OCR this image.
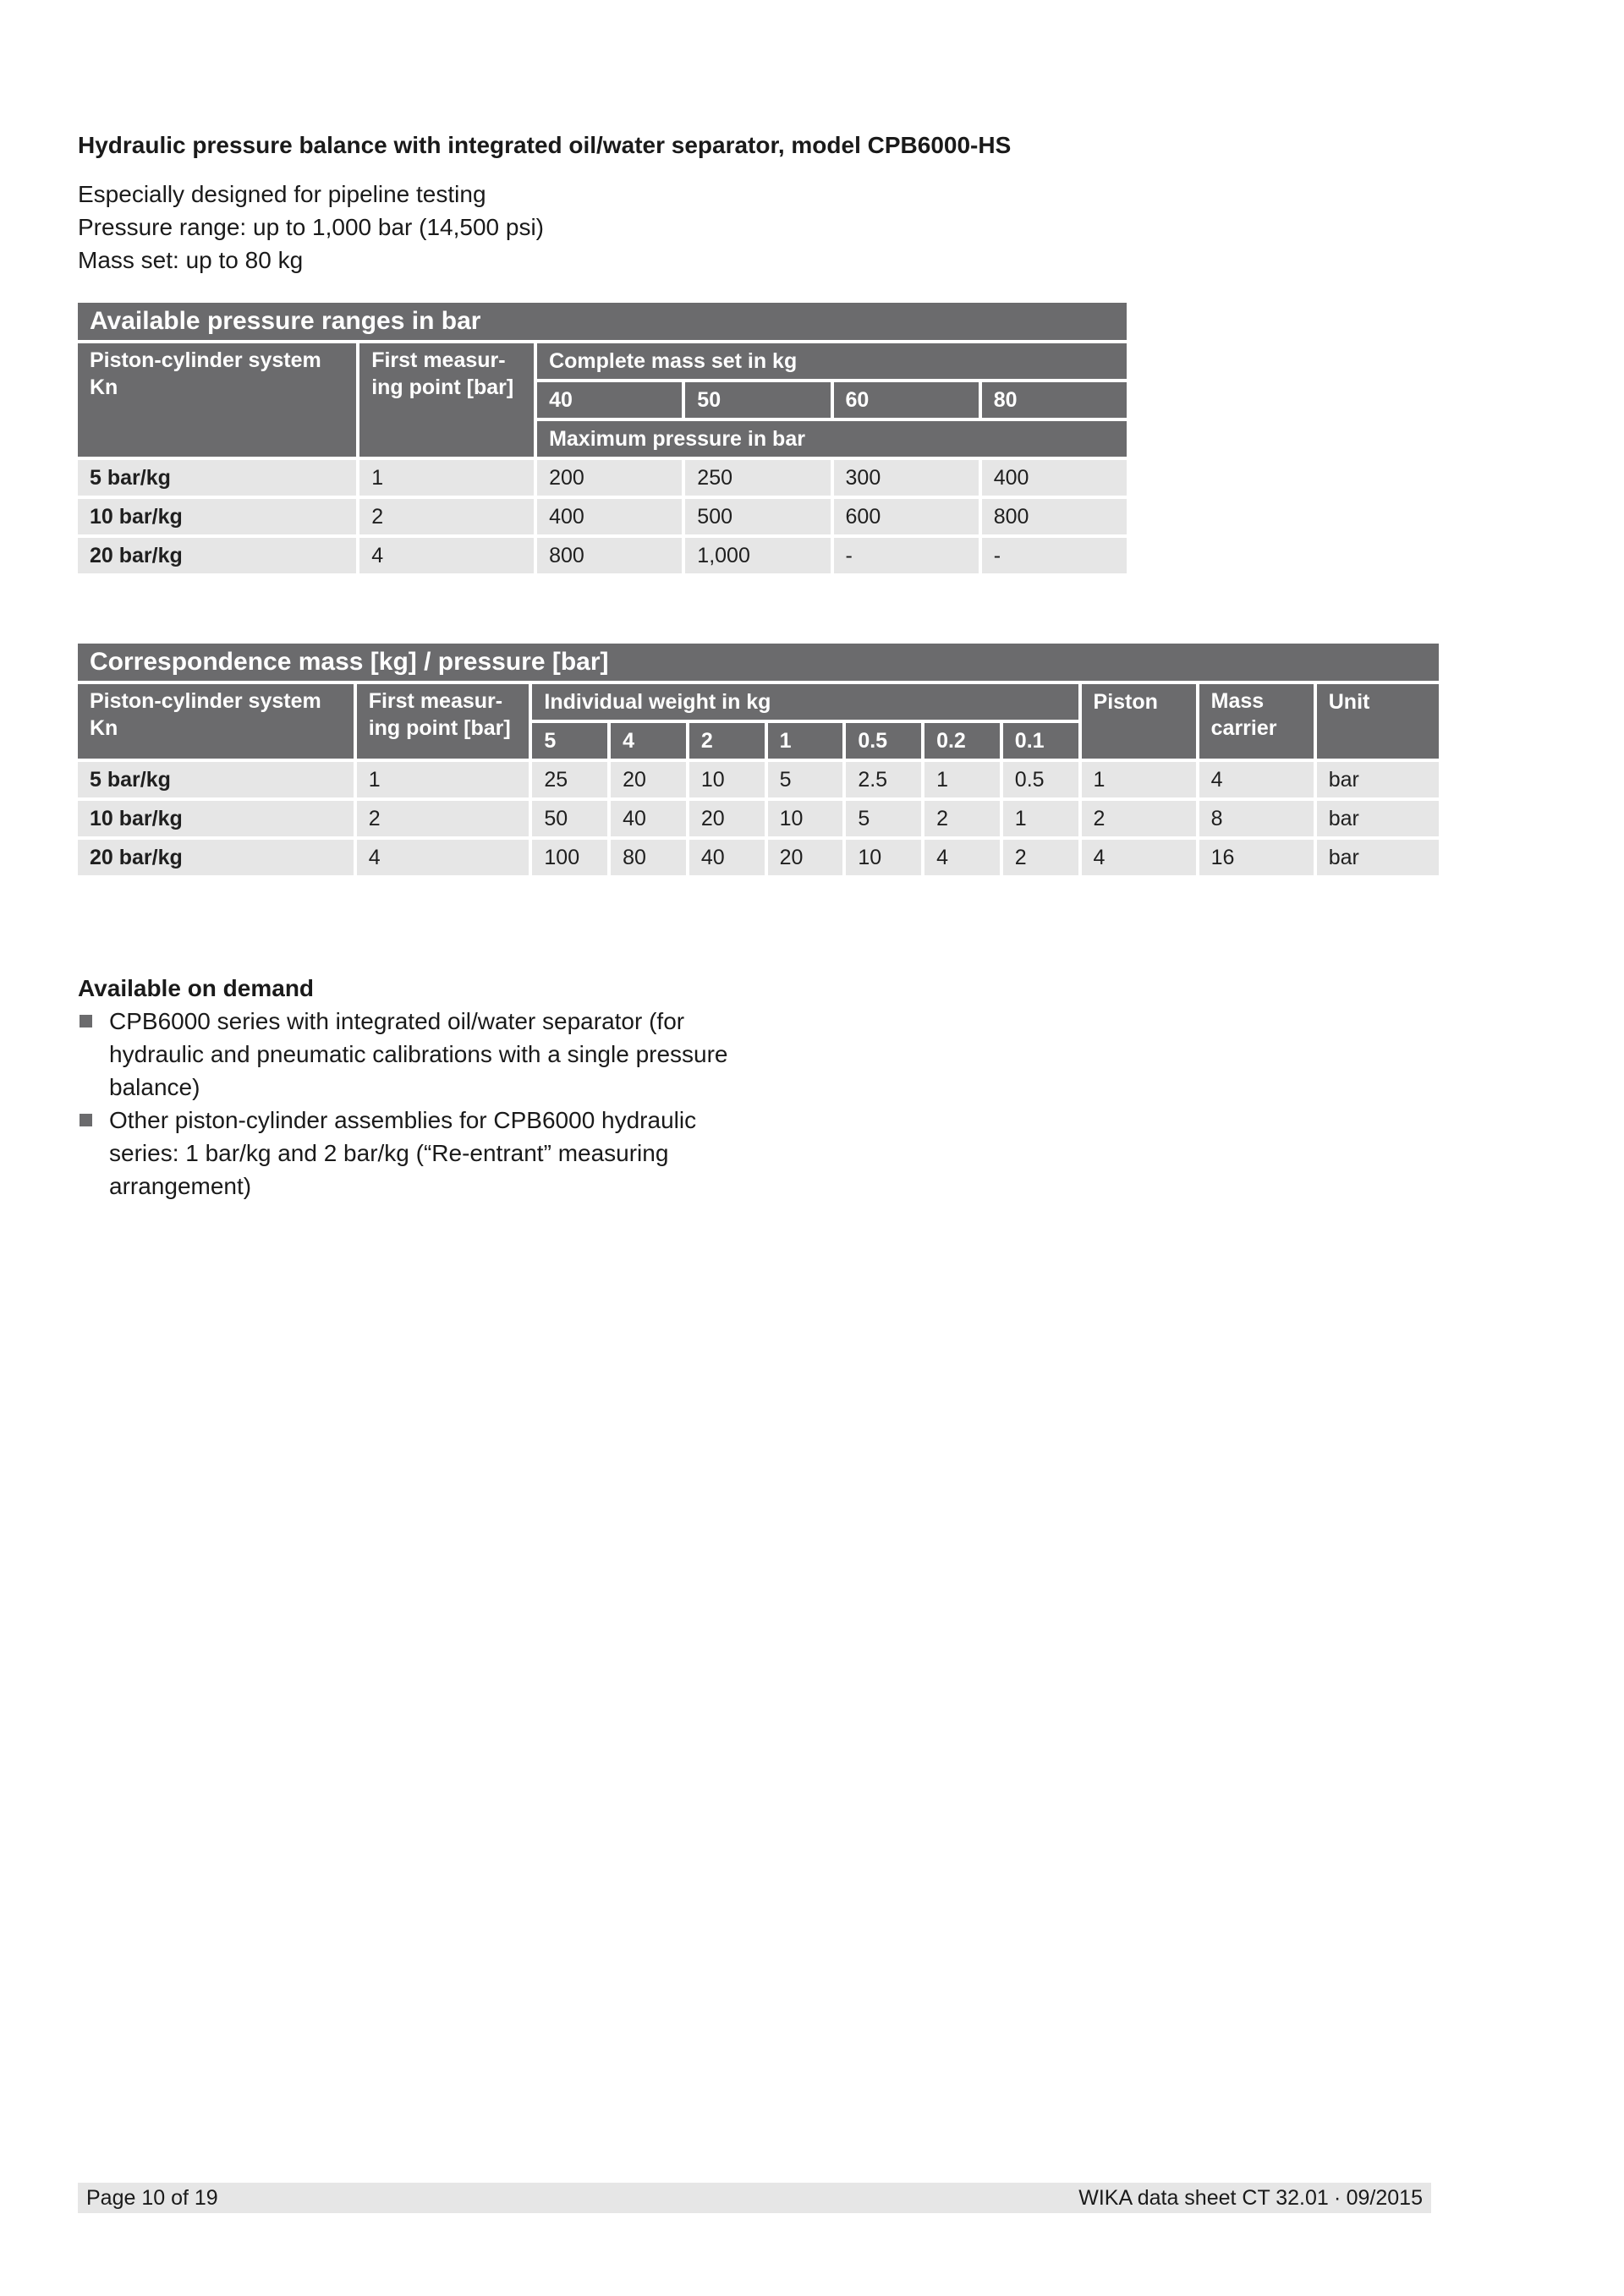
Hydraulic pressure balance with integrated oil/water separator, model CPB6000-HS
Especially designed for pipeline testing
Pressure range: up to 1,000 bar (14,500 psi)
Mass set: up to 80 kg
Available pressure ranges in bar					
Piston-cylinder system Kn	First measur-ing point [bar]	Complete mass set in kg			
		40	50	60	80
		Maximum pressure in bar			
5 bar/kg	1	200	250	300	400
10 bar/kg	2	400	500	600	800
20 bar/kg	4	800	1,000	-	-
Correspondence mass [kg] / pressure [bar]											
Piston-cylinder system Kn	First measur-ing point [bar]	Individual weight in kg							Piston	Mass carrier	Unit
		5	4	2	1	0.5	0.2	0.1			
5 bar/kg	1	25	20	10	5	2.5	1	0.5	1	4	bar
10 bar/kg	2	50	40	20	10	5	2	1	2	8	bar
20 bar/kg	4	100	80	40	20	10	4	2	4	16	bar
Available on demand
CPB6000 series with integrated oil/water separator (for hydraulic and pneumatic calibrations with a single pressure balance)
Other piston-cylinder assemblies for CPB6000 hydraulic series: 1 bar/kg and 2 bar/kg (“Re-entrant” measuring arrangement)
Page 10 of 19	WIKA data sheet CT 32.01 ∙ 09/2015
